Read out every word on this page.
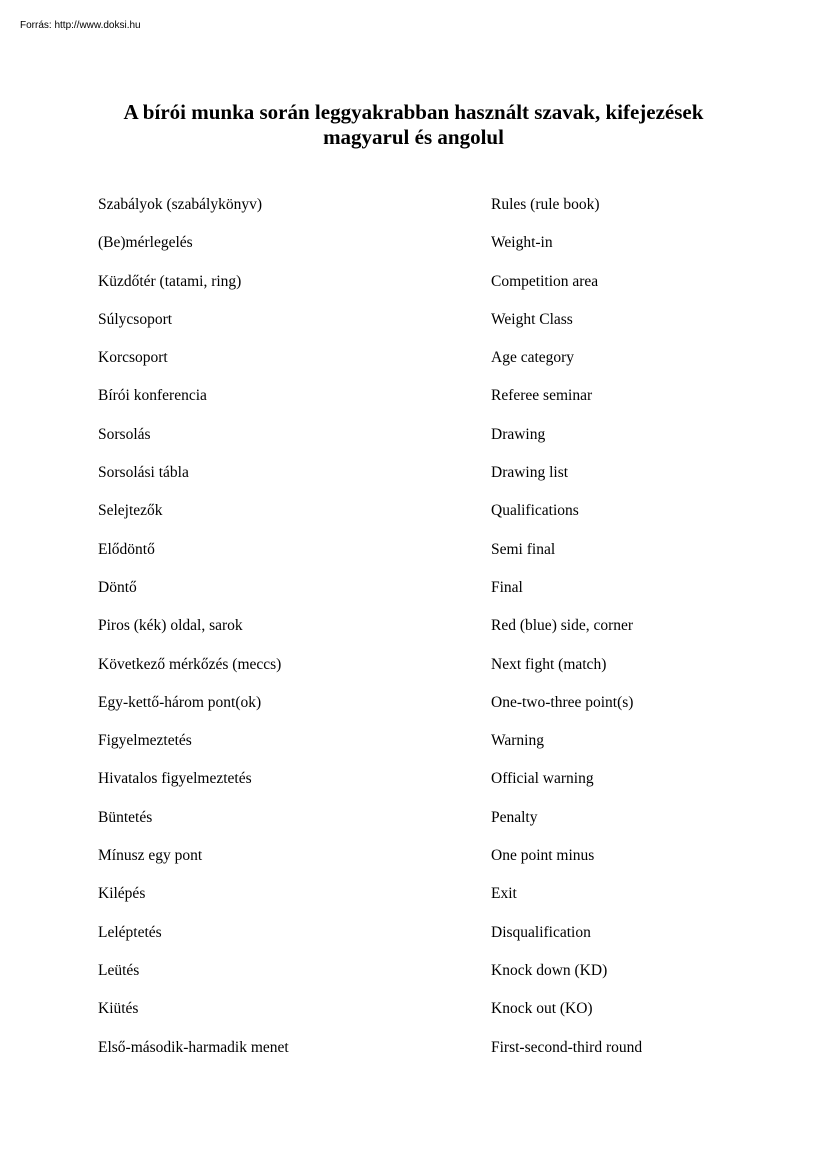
Forrás: http://www.doksi.hu
A bírói munka során leggyakrabban használt szavak, kifejezések
magyarul és angolul
Szabályok (szabálykönyv)	Rules (rule book)
(Be)mérlegelés	Weight-in
Küzdőtér (tatami, ring)	Competition area
Súlycsoport	Weight Class
Korcsoport	Age category
Bírói konferencia	Referee seminar
Sorsolás	Drawing
Sorsolási tábla	Drawing list
Selejtezők	Qualifications
Elődöntő	Semi final
Döntő	Final
Piros (kék) oldal, sarok	Red (blue) side, corner
Következő mérkőzés (meccs)	Next fight (match)
Egy-kettő-három pont(ok)	One-two-three point(s)
Figyelmeztetés	Warning
Hivatalos figyelmeztetés	Official warning
Büntetés	Penalty
Mínusz egy pont	One point minus
Kilépés	Exit
Leléptetés	Disqualification
Leütés	Knock down (KD)
Kiütés	Knock out (KO)
Első-második-harmadik menet	First-second-third round
